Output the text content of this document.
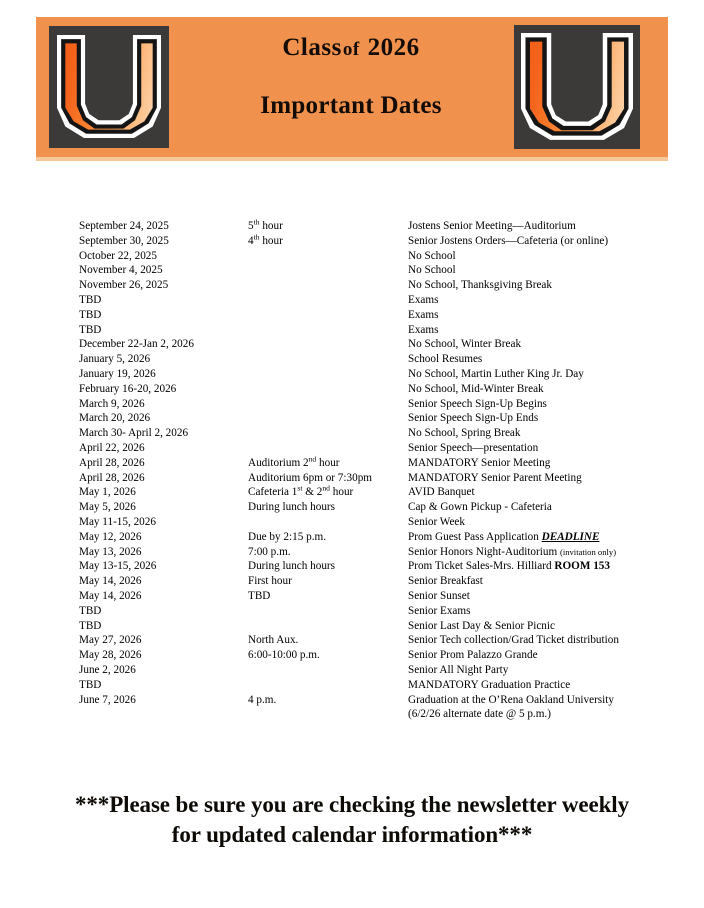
Classof 2026
Important Dates
September 24, 2025	5th hour	Jostens Senior Meeting—Auditorium
September 30, 2025	4th hour	Senior Jostens Orders—Cafeteria (or online)
October 22, 2025		No School
November 4, 2025		No School
November 26, 2025		No School, Thanksgiving Break
TBD		Exams
TBD		Exams
TBD		Exams
December 22-Jan 2, 2026		No School, Winter Break
January 5, 2026		School Resumes
January 19, 2026		No School, Martin Luther King Jr. Day
February 16-20, 2026		No School, Mid-Winter Break
March 9, 2026		Senior Speech Sign-Up Begins
March 20, 2026		Senior Speech Sign-Up Ends
March 30- April 2, 2026		No School, Spring Break
April 22, 2026		Senior Speech—presentation
April 28, 2026	Auditorium 2nd hour	MANDATORY Senior Meeting
April 28, 2026	Auditorium 6pm or 7:30pm	MANDATORY Senior Parent Meeting
May 1, 2026	Cafeteria 1st & 2nd hour	AVID Banquet
May 5, 2026	During lunch hours	Cap & Gown Pickup - Cafeteria
May 11-15, 2026		Senior Week
May 12, 2026	Due by 2:15 p.m.	Prom Guest Pass Application DEADLINE
May 13, 2026	7:00 p.m.	Senior Honors Night-Auditorium (invitation only)
May 13-15, 2026	During lunch hours	Prom Ticket Sales-Mrs. Hilliard ROOM 153
May 14, 2026	First hour	Senior Breakfast
May 14, 2026	TBD	Senior Sunset
TBD		Senior Exams
TBD		Senior Last Day & Senior Picnic
May 27, 2026	North Aux.	Senior Tech collection/Grad Ticket distribution
May 28, 2026	6:00-10:00 p.m.	Senior Prom Palazzo Grande
June 2, 2026		Senior All Night Party
TBD		MANDATORY Graduation Practice
June 7, 2026	4 p.m.	Graduation at the O’Rena Oakland University
		(6/2/26 alternate date @ 5 p.m.)
***Please be sure you are checking the newsletter weekly
for updated calendar information***
